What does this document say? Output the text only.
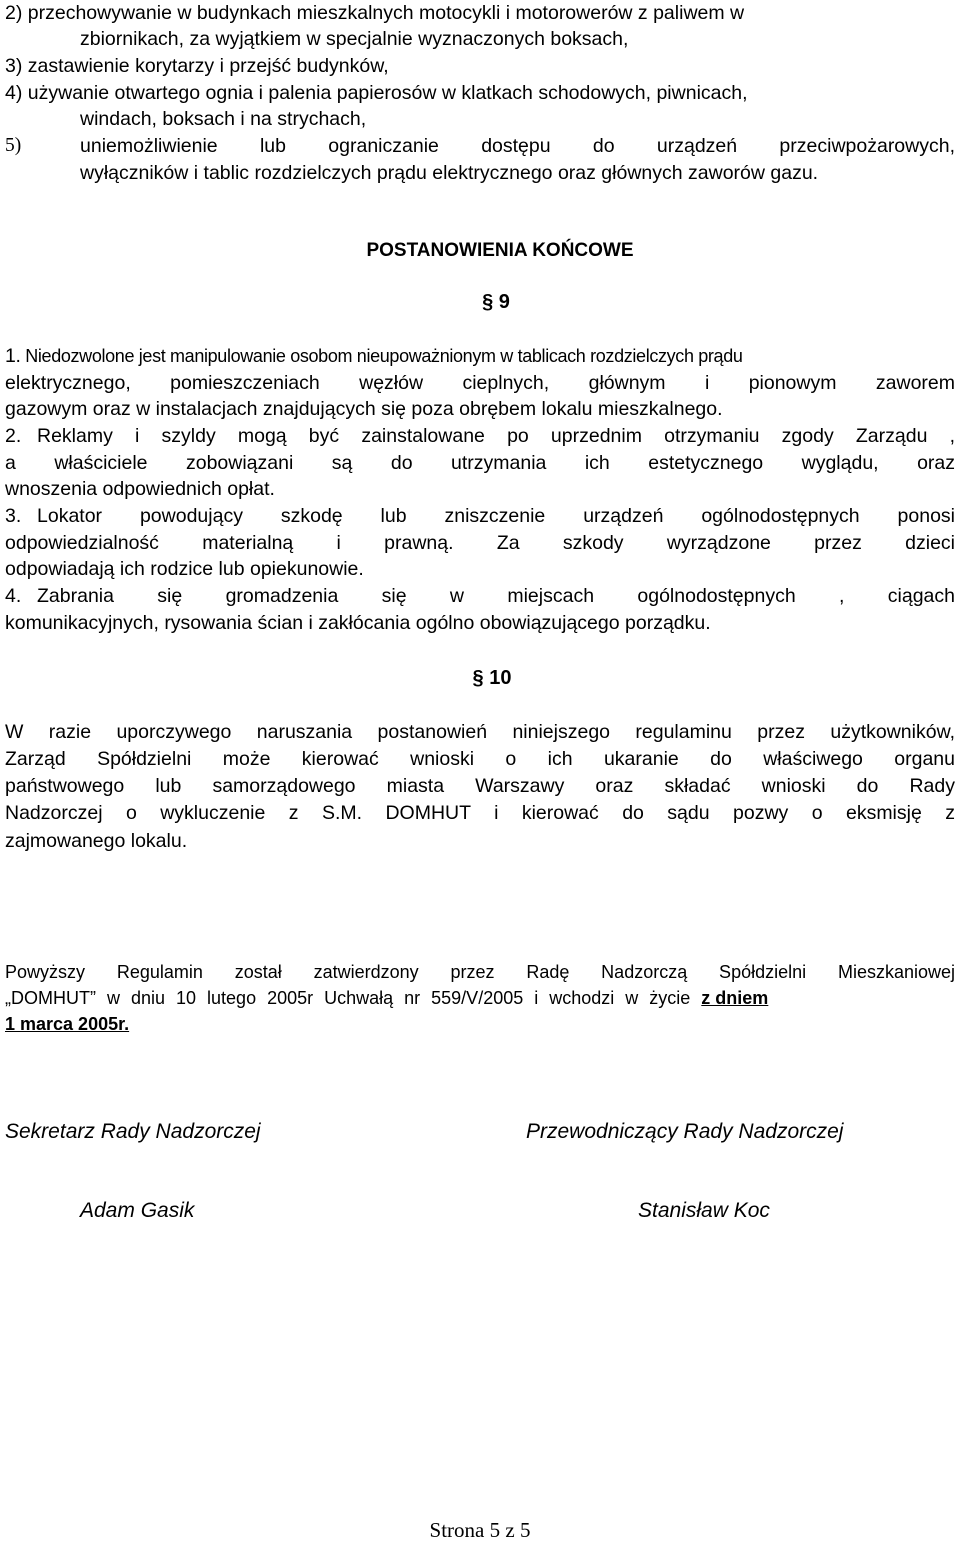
2) przechowywanie w budynkach mieszkalnych motocykli i motorowerów z paliwem w
zbiornikach, za wyjątkiem w specjalnie wyznaczonych boksach,
3) zastawienie korytarzy i przejść budynków,
4) używanie otwartego ognia i palenia papierosów w klatkach schodowych, piwnicach,
windach, boksach i na strychach,
uniemożliwienie lub ograniczanie dostępu do urządzeń przeciwpożarowych,
5)
wyłączników i tablic rozdzielczych prądu elektrycznego oraz głównych zaworów gazu.
POSTANOWIENIA KOŃCOWE
§ 9
1. Niedozwolone jest manipulowanie osobom nieupoważnionym w tablicach rozdzielczych prądu
elektrycznego, pomieszczeniach węzłów cieplnych, głównym i pionowym zaworem
gazowym oraz w instalacjach znajdujących się poza obrębem lokalu mieszkalnego.
Reklamy i szyldy mogą być zainstalowane po uprzednim otrzymaniu zgody Zarządu ,
2.
a właściciele zobowiązani są do utrzymania ich estetycznego wyglądu, oraz
wnoszenia odpowiednich opłat.
Lokator powodujący szkodę lub zniszczenie urządzeń ogólnodostępnych ponosi
3.
odpowiedzialność materialną i prawną. Za szkody wyrządzone przez dzieci
odpowiadają ich rodzice lub opiekunowie.
Zabrania się gromadzenia się w miejscach ogólnodostępnych , ciągach
4.
komunikacyjnych, rysowania ścian i zakłócania ogólno obowiązującego porządku.
§ 10
W razie uporczywego naruszania postanowień niniejszego regulaminu przez użytkowników,
Zarząd Spółdzielni może kierować wnioski o ich ukaranie do właściwego organu
państwowego lub samorządowego miasta Warszawy oraz składać wnioski do Rady
Nadzorczej o wykluczenie z S.M. DOMHUT i kierować do sądu pozwy o eksmisję z
zajmowanego lokalu.
Powyższy Regulamin został zatwierdzony przez Radę Nadzorczą Spółdzielni Mieszkaniowej
„DOMHUT” w dniu 10 lutego 2005r Uchwałą nr 559/V/2005 i wchodzi w życie z dniem
1 marca 2005r.
Sekretarz Rady Nadzorczej	Przewodniczący Rady Nadzorczej
Adam Gasik	Stanisław Koc
Strona 5 z 5
